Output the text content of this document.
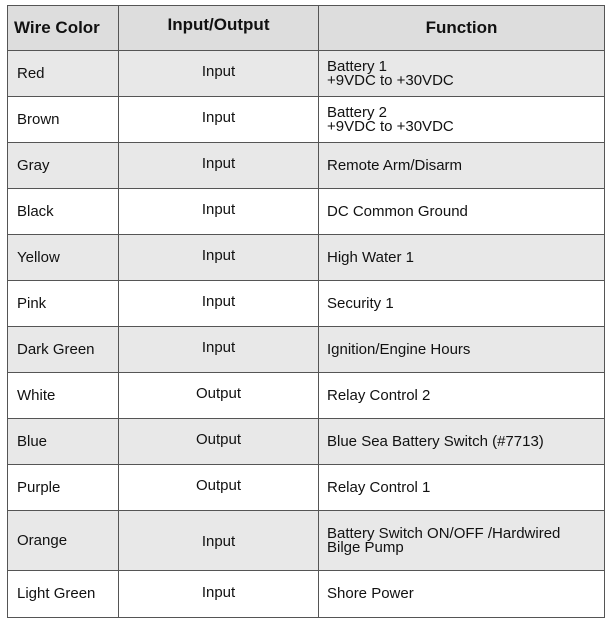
Wire Color	Input/Output	Function
Red	Input	Battery 1
+9VDC to +30VDC
Brown	Input	Battery 2
+9VDC to +30VDC
Gray	Input	Remote Arm/Disarm
Black	Input	DC Common Ground
Yellow	Input	High Water 1
Pink	Input	Security 1
Dark Green	Input	Ignition/Engine Hours
White	Output	Relay Control 2
Blue	Output	Blue Sea Battery Switch (#7713)
Purple	Output	Relay Control 1
Orange	Input	Battery Switch ON/OFF /Hardwired
Bilge Pump
Light Green	Input	Shore Power
